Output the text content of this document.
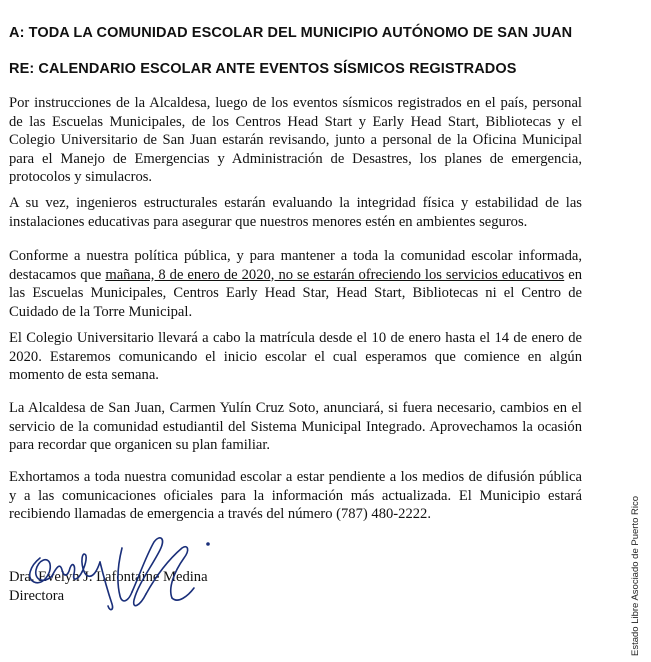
A: TODA LA COMUNIDAD ESCOLAR DEL MUNICIPIO AUTÓNOMO DE SAN JUAN
RE: CALENDARIO ESCOLAR ANTE EVENTOS SÍSMICOS REGISTRADOS
Por instrucciones de la Alcaldesa, luego de los eventos sísmicos registrados en el país, personal de las Escuelas Municipales, de los Centros Head Start y Early Head Start, Bibliotecas y el Colegio Universitario de San Juan estarán revisando, junto a personal de la Oficina Municipal para el Manejo de Emergencias y Administración de Desastres, los planes de emergencia, protocolos y simulacros.
A su vez, ingenieros estructurales estarán evaluando la integridad física y estabilidad de las instalaciones educativas para asegurar que nuestros menores estén en ambientes seguros.
Conforme a nuestra política pública, y para mantener a toda la comunidad escolar informada, destacamos que mañana, 8 de enero de 2020, no se estarán ofreciendo los servicios educativos en las Escuelas Municipales, Centros Early Head Star, Head Start, Bibliotecas ni el Centro de Cuidado de la Torre Municipal.
El Colegio Universitario llevará a cabo la matrícula desde el 10 de enero hasta el 14 de enero de 2020. Estaremos comunicando el inicio escolar el cual esperamos que comience en algún momento de esta semana.
La Alcaldesa de San Juan, Carmen Yulín Cruz Soto, anunciará, si fuera necesario, cambios en el servicio de la comunidad estudiantil del Sistema Municipal Integrado. Aprovechamos la ocasión para recordar que organicen su plan familiar.
Exhortamos a toda nuestra comunidad escolar a estar pendiente a los medios de difusión pública y a las comunicaciones oficiales para la información más actualizada. El Municipio estará recibiendo llamadas de emergencia a través del número (787) 480-2222.
Dra. Evelyn J. Lafontaine Medina
Directora	Estado Libre Asociado de Puerto Rico
